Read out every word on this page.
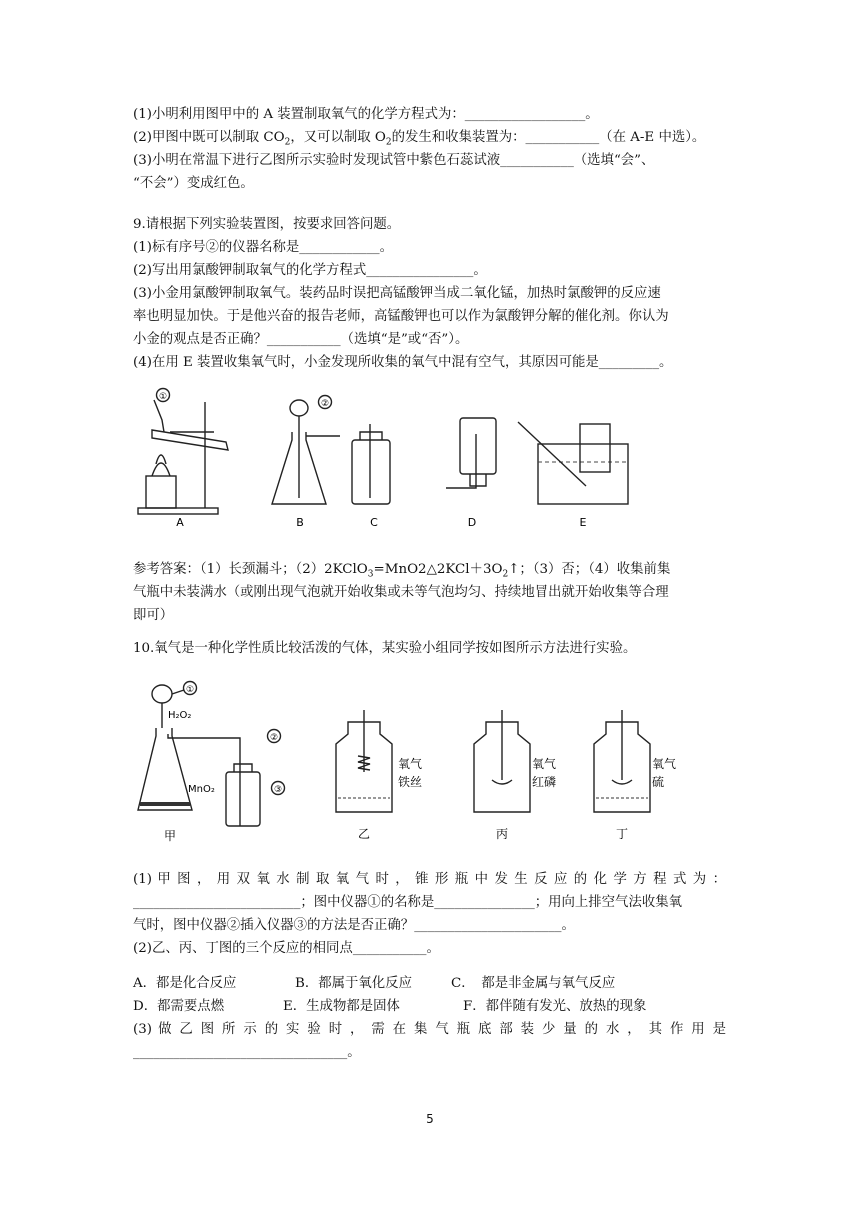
(1)小明利用图甲中的 A 装置制取氧气的化学方程式为：__________________。
(2)甲图中既可以制取 $CO_2$，又可以制取 $O_2$的发生和收集装置为：___________（在 A-E 中选）。
(3)小明在常温下进行乙图所示实验时发现试管中紫色石蕊试液___________（选填“会”、
“不会”）变成红色。
9.请根据下列实验装置图，按要求回答问题。
(1)标有序号②的仪器名称是____________。
(2)写出用氯酸钾制取氧气的化学方程式________________。
(3)小金用氯酸钾制取氧气。装药品时误把高锰酸钾当成二氧化锰，加热时氯酸钾的反应速
率也明显加快。于是他兴奋的报告老师，高锰酸钾也可以作为氯酸钾分解的催化剂。你认为
小金的观点是否正确？___________（选填“是”或“否”）。
(4)在用 E 装置收集氧气时，小金发现所收集的氧气中混有空气，其原因可能是_________。
①
②
A	B	C	D	E
参考答案：（1）长颈漏斗；$(2)2KClO_3=MnO2\triangle 2KCl+3O_2↑$；（3）否；（4）收集前集
气瓶中未装满水（或刚出现气泡就开始收集或未等气泡均匀、持续地冒出就开始收集等合理
即可）
10.氧气是一种化学性质比较活泼的气体，某实验小组同学按如图所示方法进行实验。
①
H₂O₂
MnO₂
②
③
甲
氧气
铁丝
乙
氧气
红磷
丙
氧气
硫
丁
(1) 甲 图 ， 用 双 氧 水 制 取 氧 气 时 ， 锥 形 瓶 中 发 生 反 应 的 化 学 方 程 式 为 ：
_________________________；图中仪器①的名称是_______________；用向上排空气法收集氧
气时，图中仪器②插入仪器③的方法是否正确？______________________。
(2)乙、丙、丁图的三个反应的相同点___________。
A．都是化合反应	B．都属于氧化反应	C．　都是非金属与氧气反应
D．都需要点燃	E．生成物都是固体	F．都伴随有发光、放热的现象
(3) 做 乙 图 所 示 的 实 验 时 ， 需 在 集 气 瓶 底 部 装 少 量 的 水 ， 其 作 用 是
________________________________。
5
